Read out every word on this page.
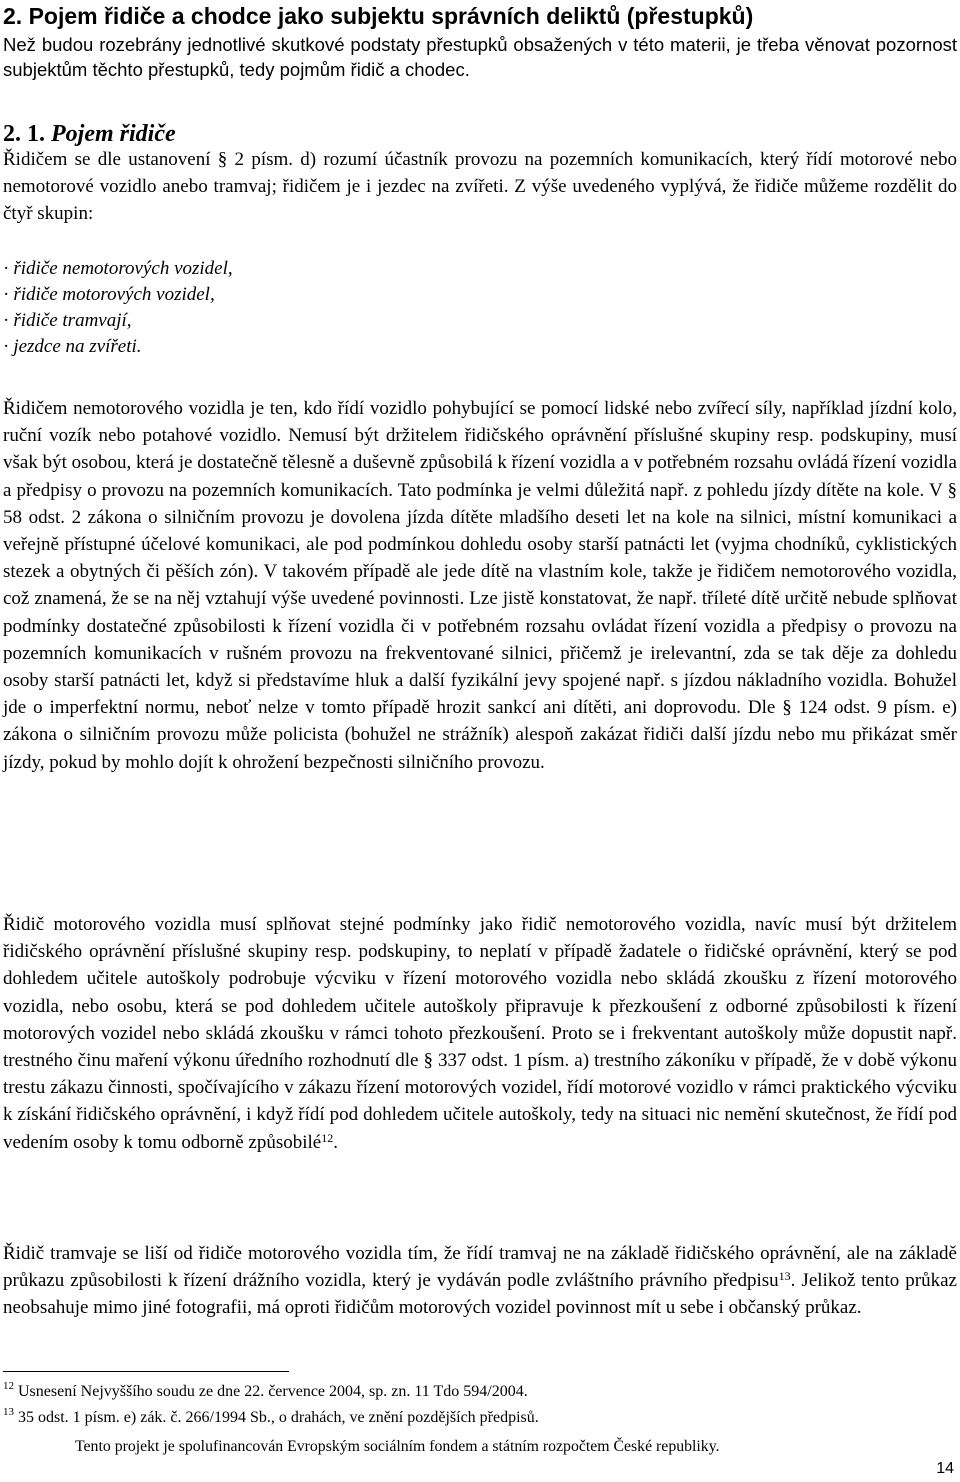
2. Pojem řidiče a chodce jako subjektu správních deliktů (přestupků)
Než budou rozebrány jednotlivé skutkové podstaty přestupků obsažených v této materii, je třeba věnovat pozornost subjektům těchto přestupků, tedy pojmům řidič a chodec.
2. 1. Pojem řidiče
Řidičem se dle ustanovení § 2 písm. d) rozumí účastník provozu na pozemních komunikacích, který řídí motorové nebo nemotorové vozidlo anebo tramvaj; řidičem je i jezdec na zvířeti. Z výše uvedeného vyplývá, že řidiče můžeme rozdělit do čtyř skupin:
· řidiče nemotorových vozidel,
· řidiče motorových vozidel,
· řidiče tramvají,
· jezdce na zvířeti.
Řidičem nemotorového vozidla je ten, kdo řídí vozidlo pohybující se pomocí lidské nebo zvířecí síly, například jízdní kolo, ruční vozík nebo potahové vozidlo. Nemusí být držitelem řidičského oprávnění příslušné skupiny resp. podskupiny, musí však být osobou, která je dostatečně tělesně a duševně způsobilá k řízení vozidla a v potřebném rozsahu ovládá řízení vozidla a předpisy o provozu na pozemních komunikacích. Tato podmínka je velmi důležitá např. z pohledu jízdy dítěte na kole. V § 58 odst. 2 zákona o silničním provozu je dovolena jízda dítěte mladšího deseti let na kole na silnici, místní komunikaci a veřejně přístupné účelové komunikaci, ale pod podmínkou dohledu osoby starší patnácti let (vyjma chodníků, cyklistických stezek a obytných či pěších zón). V takovém případě ale jede dítě na vlastním kole, takže je řidičem nemotorového vozidla, což znamená, že se na něj vztahují výše uvedené povinnosti. Lze jistě konstatovat, že např. tříleté dítě určitě nebude splňovat podmínky dostatečné způsobilosti k řízení vozidla či v potřebném rozsahu ovládat řízení vozidla a předpisy o provozu na pozemních komunikacích v rušném provozu na frekventované silnici, přičemž je irelevantní, zda se tak děje za dohledu osoby starší patnácti let, když si představíme hluk a další fyzikální jevy spojené např. s jízdou nákladního vozidla. Bohužel jde o imperfektní normu, neboť nelze v tomto případě hrozit sankcí ani dítěti, ani doprovodu. Dle § 124 odst. 9 písm. e) zákona o silničním provozu může policista (bohužel ne strážník) alespoň zakázat řidiči další jízdu nebo mu přikázat směr jízdy, pokud by mohlo dojít k ohrožení bezpečnosti silničního provozu.
Řidič motorového vozidla musí splňovat stejné podmínky jako řidič nemotorového vozidla, navíc musí být držitelem řidičského oprávnění příslušné skupiny resp. podskupiny, to neplatí v případě žadatele o řidičské oprávnění, který se pod dohledem učitele autoškoly podrobuje výcviku v řízení motorového vozidla nebo skládá zkoušku z řízení motorového vozidla, nebo osobu, která se pod dohledem učitele autoškoly připravuje k přezkoušení z odborné způsobilosti k řízení motorových vozidel nebo skládá zkoušku v rámci tohoto přezkoušení. Proto se i frekventant autoškoly může dopustit např. trestného činu maření výkonu úředního rozhodnutí dle § 337 odst. 1 písm. a) trestního zákoníku v případě, že v době výkonu trestu zákazu činnosti, spočívajícího v zákazu řízení motorových vozidel, řídí motorové vozidlo v rámci praktického výcviku k získání řidičského oprávnění, i když řídí pod dohledem učitele autoškoly, tedy na situaci nic nemění skutečnost, že řídí pod vedením osoby k tomu odborně způsobilé$^{12}$.
Řidič tramvaje se liší od řidiče motorového vozidla tím, že řídí tramvaj ne na základě řidičského oprávnění, ale na základě průkazu způsobilosti k řízení drážního vozidla, který je vydáván podle zvláštního právního předpisu$^{13}$. Jelikož tento průkaz neobsahuje mimo jiné fotografii, má oproti řidičům motorových vozidel povinnost mít u sebe i občanský průkaz.
$^{12}$ Usnesení Nejvyššího soudu ze dne 22. července 2004, sp. zn. 11 Tdo 594/2004.
$^{13}$ 35 odst. 1 písm. e) zák. č. 266/1994 Sb., o drahách, ve znění pozdějších předpisů.
Tento projekt je spolufinancován Evropským sociálním fondem a státním rozpočtem České republiky.
14
